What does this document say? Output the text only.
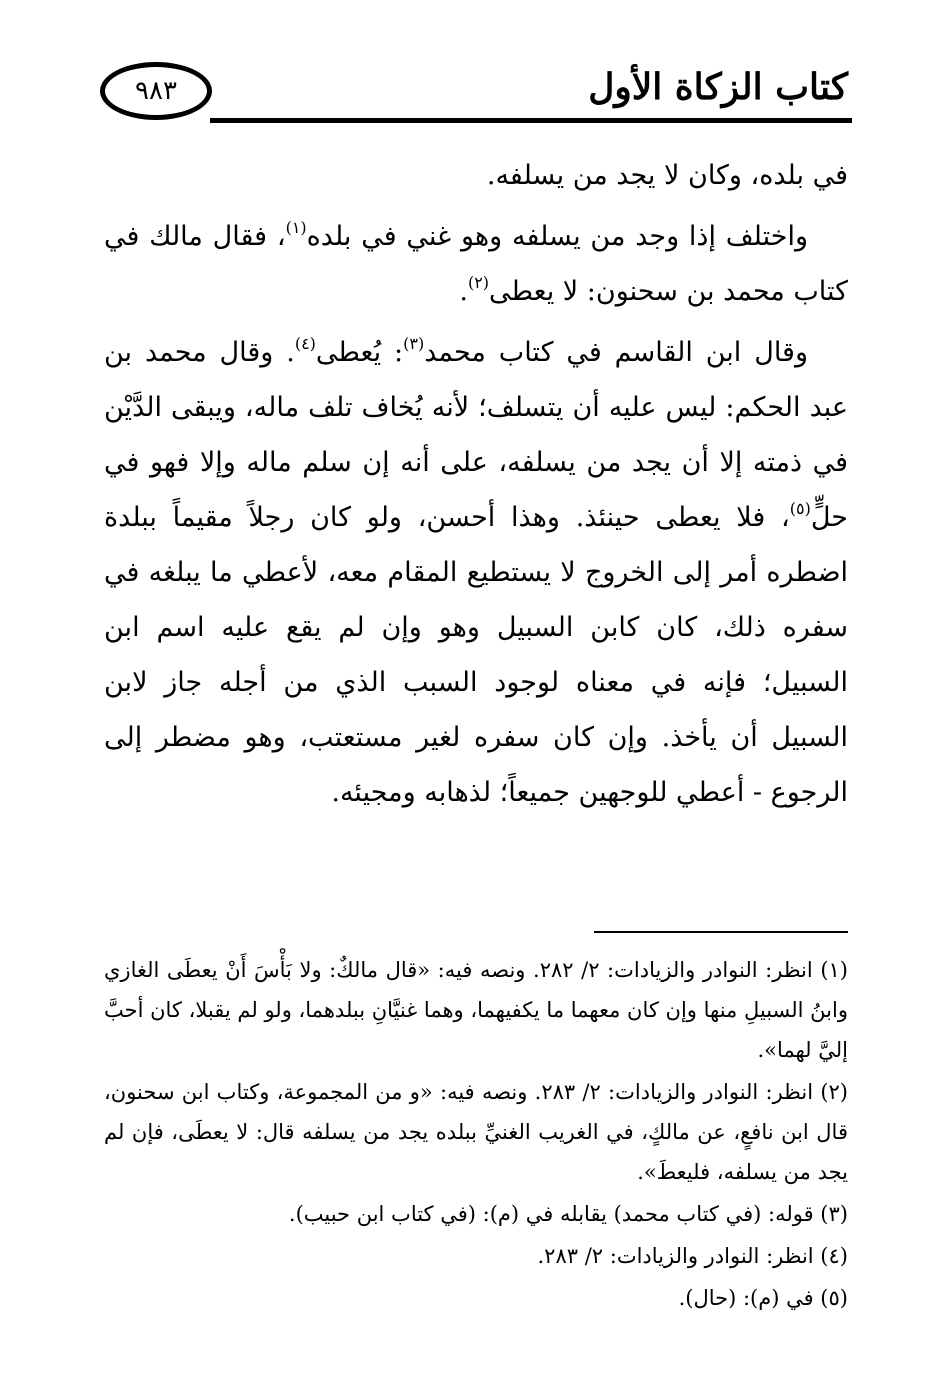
٩٨٣	كتاب الزكاة الأول

في بلده، وكان لا يجد من يسلفه.

واختلف إذا وجد من يسلفه وهو غني في بلده$^{(١)}$، فقال مالك في كتاب محمد بن سحنون: لا يعطى$^{(٢)}$.

وقال ابن القاسم في كتاب محمد$^{(٣)}$: يُعطى$^{(٤)}$. وقال محمد بن عبد الحكم: ليس عليه أن يتسلف؛ لأنه يُخاف تلف ماله، ويبقى الدَّيْن في ذمته إلا أن يجد من يسلفه، على أنه إن سلم ماله وإلا فهو في حلٍّ$^{(٥)}$، فلا يعطى حينئذ. وهذا أحسن، ولو كان رجلاً مقيماً ببلدة اضطره أمر إلى الخروج لا يستطيع المقام معه، لأعطي ما يبلغه في سفره ذلك، كان كابن السبيل وهو وإن لم يقع عليه اسم ابن السبيل؛ فإنه في معناه لوجود السبب الذي من أجله جاز لابن السبيل أن يأخذ. وإن كان سفره لغير مستعتب، وهو مضطر إلى الرجوع - أعطي للوجهين جميعاً؛ لذهابه ومجيئه.

(١) انظر: النوادر والزيادات: ٢/ ٢٨٢. ونصه فيه: «قال مالكٌ: ولا بَأْسَ أَنْ يعطَى الغازي وابنُ السبيلِ منها وإن كان معهما ما يكفيهما، وهما غنيَّانِ ببلدهما، ولو لم يقبلا، كان أحبَّ إليَّ لهما».
(٢) انظر: النوادر والزيادات: ٢/ ٢٨٣. ونصه فيه: «و من المجموعة، وكتاب ابن سحنون، قال ابن نافعٍ، عن مالكٍ، في الغريب الغنيِّ ببلده يجد من يسلفه قال: لا يعطَى، فإن لم يجد من يسلفه، فليعطَ».
(٣) قوله: (في كتاب محمد) يقابله في (م): (في كتاب ابن حبيب).
(٤) انظر: النوادر والزيادات: ٢/ ٢٨٣.
(٥) في (م): (حال).
